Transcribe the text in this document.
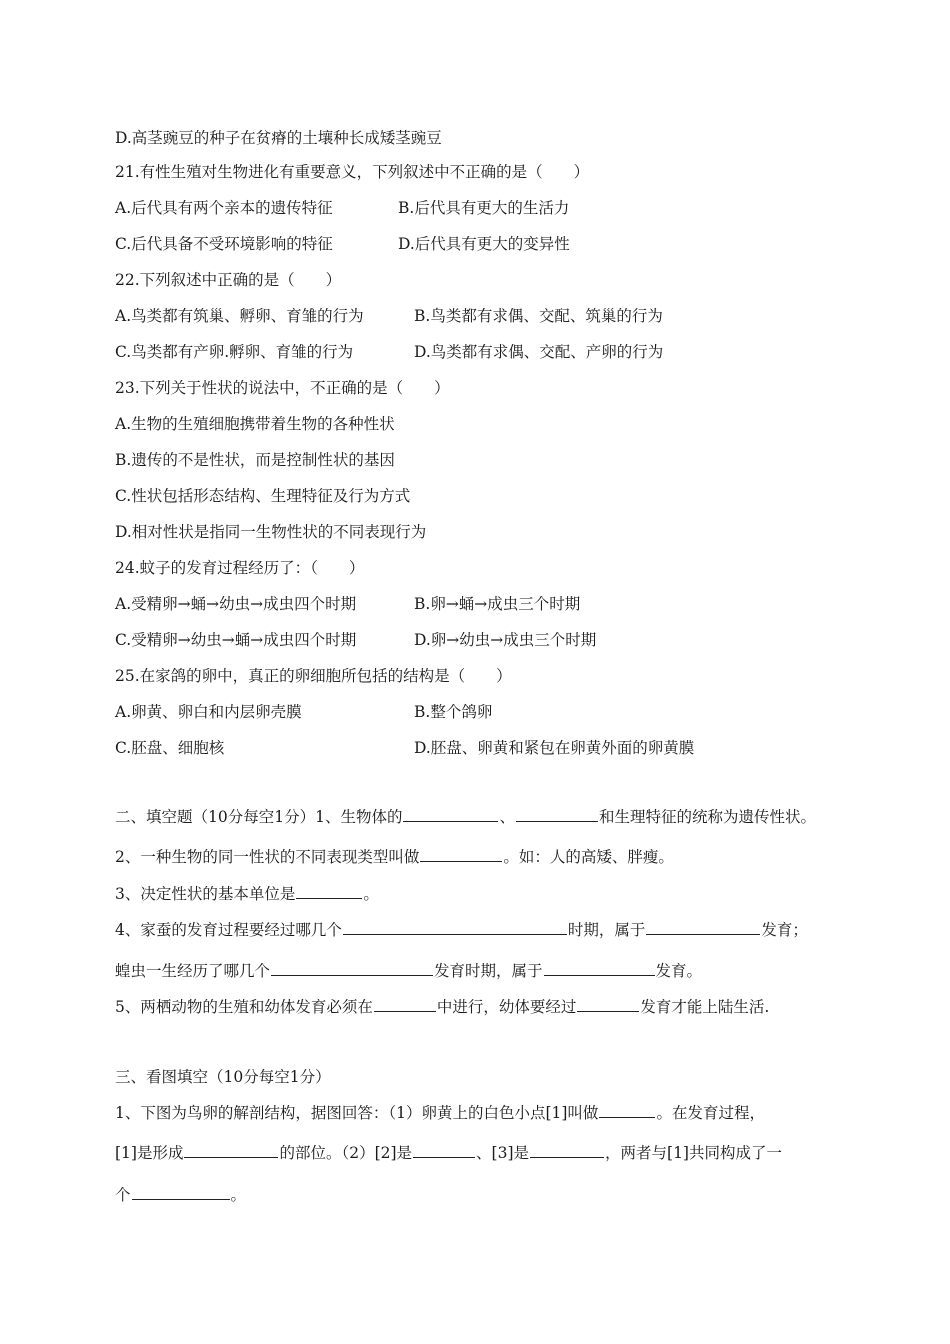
D.高茎豌豆的种子在贫瘠的土壤种长成矮茎豌豆
21.有性生殖对生物进化有重要意义，下列叙述中不正确的是（　　）
A.后代具有两个亲本的遗传特征	B.后代具有更大的生活力
C.后代具备不受环境影响的特征	D.后代具有更大的变异性
22.下列叙述中正确的是（　　）
A.鸟类都有筑巢、孵卵、育雏的行为	B.鸟类都有求偶、交配、筑巢的行为
C.鸟类都有产卵.孵卵、育雏的行为	D.鸟类都有求偶、交配、产卵的行为
23.下列关于性状的说法中，不正确的是（　　）
A.生物的生殖细胞携带着生物的各种性状
B.遗传的不是性状，而是控制性状的基因
C.性状包括形态结构、生理特征及行为方式
D.相对性状是指同一生物性状的不同表现行为
24.蚊子的发育过程经历了：（　　）
A.受精卵→蛹→幼虫→成虫四个时期	B.卵→蛹→成虫三个时期
C.受精卵→幼虫→蛹→成虫四个时期	D.卵→幼虫→成虫三个时期
25.在家鸽的卵中，真正的卵细胞所包括的结构是（　　）
A.卵黄、卵白和内层卵壳膜	B.整个鸽卵
C.胚盘、细胞核	D.胚盘、卵黄和紧包在卵黄外面的卵黄膜
二、填空题（10分每空1分）1、生物体的	、	和生理特征的统称为遗传性状。
2、一种生物的同一性状的不同表现类型叫做	。如：人的高矮、胖瘦。
3、决定性状的基本单位是	。
4、家蚕的发育过程要经过哪几个	时期，属于	发育；
蝗虫一生经历了哪几个	发育时期，属于	发育。
5、两栖动物的生殖和幼体发育必须在	中进行，幼体要经过	发育才能上陆生活.
三、看图填空（10分每空1分）
1、下图为鸟卵的解剖结构，据图回答：（1）卵黄上的白色小点[1]叫做	。在发育过程，
[1]是形成	的部位。（2）[2]是	、[3]是	，两者与[1]共同构成了一
个	。
